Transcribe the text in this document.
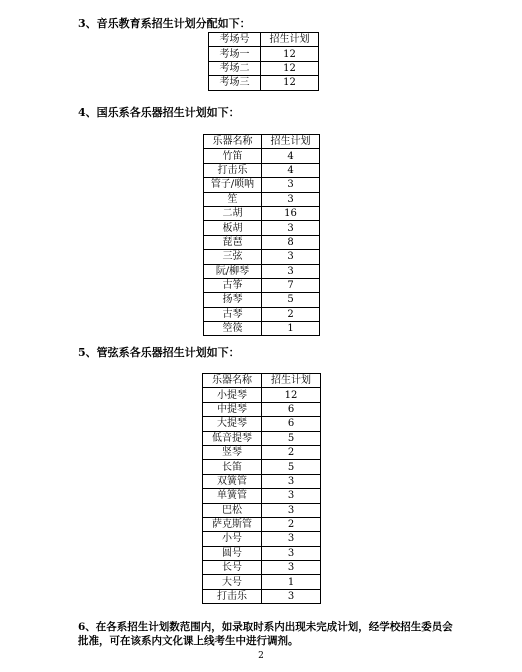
3、音乐教育系招生计划分配如下：
考场号	招生计划
考场一	12
考场二	12
考场三	12
4、国乐系各乐器招生计划如下：
乐器名称	招生计划
竹笛	4
打击乐	4
管子/唢呐	3
笙	3
二胡	16
板胡	3
琵琶	8
三弦	3
阮/柳琴	3
古筝	7
扬琴	5
古琴	2
箜篌	1
5、管弦系各乐器招生计划如下：
乐器名称	招生计划
小提琴	12
中提琴	6
大提琴	6
低音提琴	5
竖琴	2
长笛	5
双簧管	3
单簧管	3
巴松	3
萨克斯管	2
小号	3
圆号	3
长号	3
大号	1
打击乐	3
6、在各系招生计划数范围内，如录取时系内出现未完成计划，经学校招生委员会批准，可在该系内文化课上线考生中进行调剂。
2
